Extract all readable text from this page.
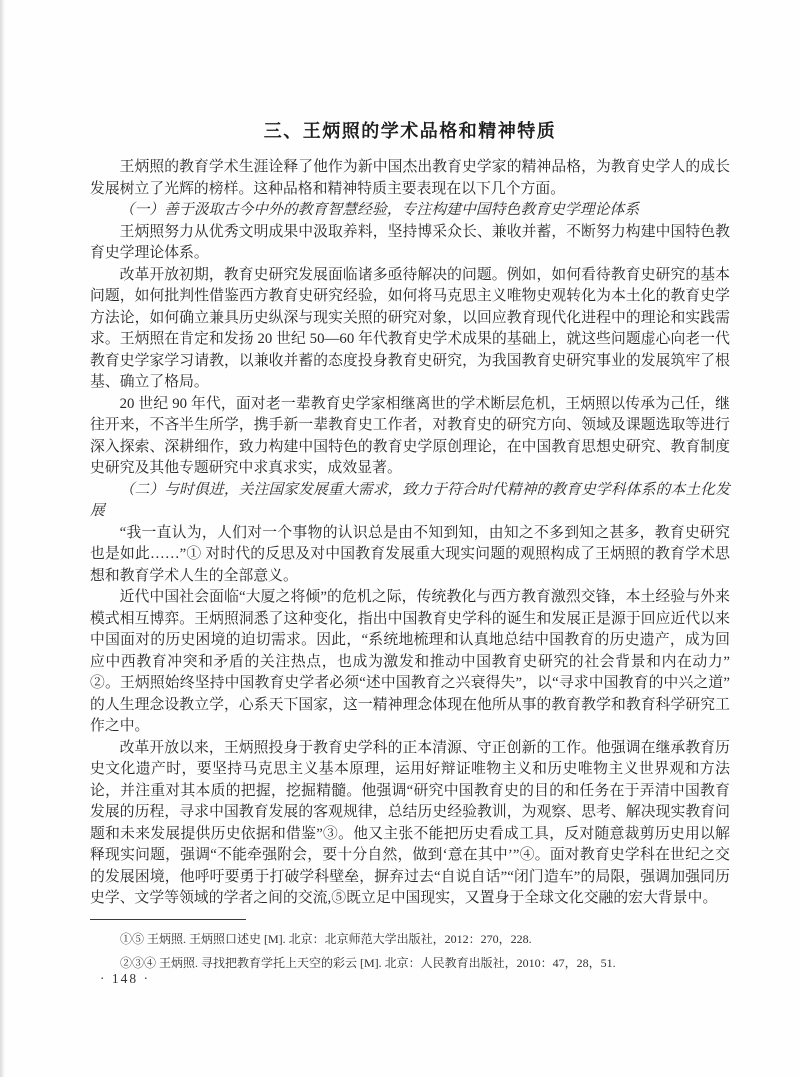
三、王炳照的学术品格和精神特质

王炳照的教育学术生涯诠释了他作为新中国杰出教育史学家的精神品格，为教育史学人的成长发展树立了光辉的榜样。这种品格和精神特质主要表现在以下几个方面。

（一）善于汲取古今中外的教育智慧经验，专注构建中国特色教育史学理论体系

王炳照努力从优秀文明成果中汲取养料，坚持博采众长、兼收并蓄，不断努力构建中国特色教育史学理论体系。

改革开放初期，教育史研究发展面临诸多亟待解决的问题。例如，如何看待教育史研究的基本问题，如何批判性借鉴西方教育史研究经验，如何将马克思主义唯物史观转化为本土化的教育史学方法论，如何确立兼具历史纵深与现实关照的研究对象，以回应教育现代化进程中的理论和实践需求。王炳照在肯定和发扬 20 世纪 50—60 年代教育史学术成果的基础上，就这些问题虚心向老一代教育史学家学习请教，以兼收并蓄的态度投身教育史研究，为我国教育史研究事业的发展筑牢了根基、确立了格局。

20 世纪 90 年代，面对老一辈教育史学家相继离世的学术断层危机，王炳照以传承为己任，继往开来，不吝半生所学，携手新一辈教育史工作者，对教育史的研究方向、领域及课题选取等进行深入探索、深耕细作，致力构建中国特色的教育史学原创理论，在中国教育思想史研究、教育制度史研究及其他专题研究中求真求实，成效显著。

（二）与时俱进，关注国家发展重大需求，致力于符合时代精神的教育史学科体系的本土化发展

“我一直认为，人们对一个事物的认识总是由不知到知，由知之不多到知之甚多，教育史研究也是如此……”① 对时代的反思及对中国教育发展重大现实问题的观照构成了王炳照的教育学术思想和教育学术人生的全部意义。

近代中国社会面临“大厦之将倾”的危机之际，传统教化与西方教育激烈交锋，本土经验与外来模式相互博弈。王炳照洞悉了这种变化，指出中国教育史学科的诞生和发展正是源于回应近代以来中国面对的历史困境的迫切需求。因此，“系统地梳理和认真地总结中国教育的历史遗产，成为回应中西教育冲突和矛盾的关注热点，也成为激发和推动中国教育史研究的社会背景和内在动力”②。王炳照始终坚持中国教育史学者必须“述中国教育之兴衰得失”，以“寻求中国教育的中兴之道”的人生理念设教立学，心系天下国家，这一精神理念体现在他所从事的教育教学和教育科学研究工作之中。

改革开放以来，王炳照投身于教育史学科的正本清源、守正创新的工作。他强调在继承教育历史文化遗产时，要坚持马克思主义基本原理，运用好辩证唯物主义和历史唯物主义世界观和方法论，并注重对其本质的把握，挖掘精髓。他强调“研究中国教育史的目的和任务在于弄清中国教育发展的历程，寻求中国教育发展的客观规律，总结历史经验教训，为观察、思考、解决现实教育问题和未来发展提供历史依据和借鉴”③。他又主张不能把历史看成工具，反对随意裁剪历史用以解释现实问题，强调“不能牵强附会，要十分自然，做到‘意在其中’”④。面对教育史学科在世纪之交的发展困境，他呼吁要勇于打破学科壁垒，摒弃过去“自说自话”“闭门造车”的局限，强调加强同历史学、文学等领域的学者之间的交流,⑤既立足中国现实，又置身于全球文化交融的宏大背景中。

①⑤ 王炳照. 王炳照口述史 [M]. 北京：北京师范大学出版社，2012：270，228.

②③④ 王炳照. 寻找把教育学托上天空的彩云 [M]. 北京：人民教育出版社，2010：47，28，51.

· 148 ·
